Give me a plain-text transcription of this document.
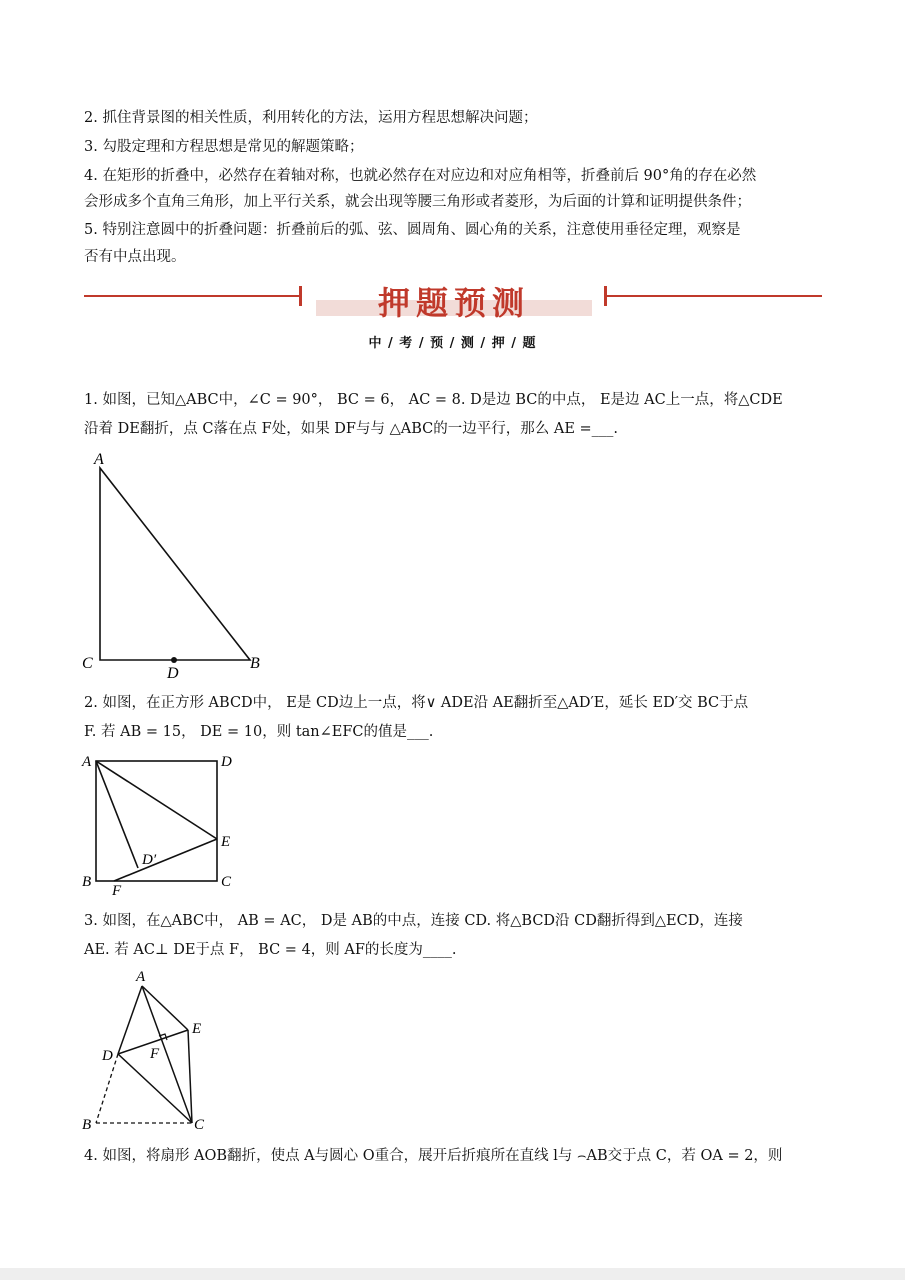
2. 抓住背景图的相关性质，利用转化的方法，运用方程思想解决问题；
3. 勾股定理和方程思想是常见的解题策略；
4. 在矩形的折叠中，必然存在着轴对称，也就必然存在对应边和对应角相等，折叠前后 90°角的存在必然
会形成多个直角三角形，加上平行关系，就会出现等腰三角形或者菱形，为后面的计算和证明提供条件；
5. 特别注意圆中的折叠问题：折叠前后的弧、弦、圆周角、圆心角的关系，注意使用垂径定理，观察是
否有中点出现。
押题预测
中 / 考 / 预 / 测 / 押 / 题
1. 如图，已知△ABC中，∠C = 90°， BC = 6， AC = 8. D是边 BC的中点， E是边 AC上一点，将△CDE
沿着 DE翻折，点 C落在点 F处，如果 DF与与 △ABC的一边平行，那么 AE =___.
A
C
D
B
2. 如图，在正方形 ABCD中， E是 CD边上一点，将∨ ADE沿 AE翻折至△AD′E，延长 ED′交 BC于点
F. 若 AB = 15， DE = 10，则 tan∠EFC的值是___.
A	D
E
D′
B
F
C
3. 如图，在△ABC中， AB = AC， D是 AB的中点，连接 CD. 将△BCD沿 CD翻折得到△ECD，连接
AE. 若 AC⊥ DE于点 F， BC = 4，则 AF的长度为____.
A
E
D F
B	C
4. 如图，将扇形 AOB翻折，使点 A与圆心 O重合，展开后折痕所在直线 l与 ⌢AB交于点 C，若 OA = 2，则
